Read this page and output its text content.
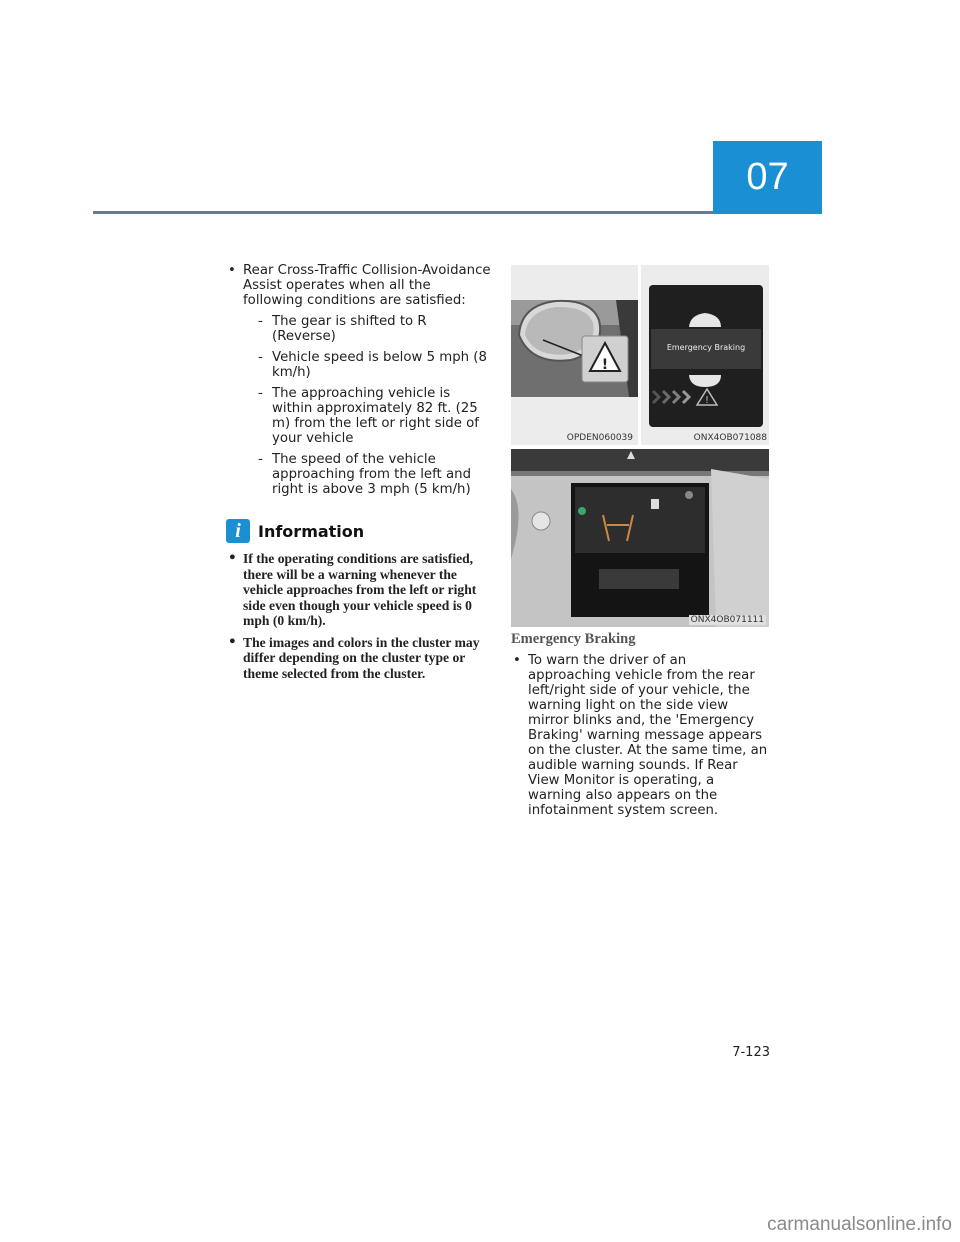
07
• Rear Cross-Traffic Collision-Avoidance Assist operates when all the following conditions are satisfied:
- The gear is shifted to R (Reverse)
- Vehicle speed is below 5 mph (8 km/h)
- The approaching vehicle is within approximately 82 ft. (25 m) from the left or right side of your vehicle
- The speed of the vehicle approaching from the left and right is above 3 mph (5 km/h)
i	Information
• If the operating conditions are satisfied, there will be a warning whenever the vehicle approaches from the left or right side even though your vehicle speed is 0 mph (0 km/h).
• The images and colors in the cluster may differ depending on the cluster type or theme selected from the cluster.
!
OPDEN060039
!
Emergency Braking
ONX4OB071088
ONX4OB071111
Emergency Braking
• To warn the driver of an approaching vehicle from the rear left/right side of your vehicle, the warning light on the side view mirror blinks and, the 'Emergency Braking' warning message appears on the cluster. At the same time, an audible warning sounds. If Rear View Monitor is operating, a warning also appears on the infotainment system screen.
7-123
carmanualsonline.info
